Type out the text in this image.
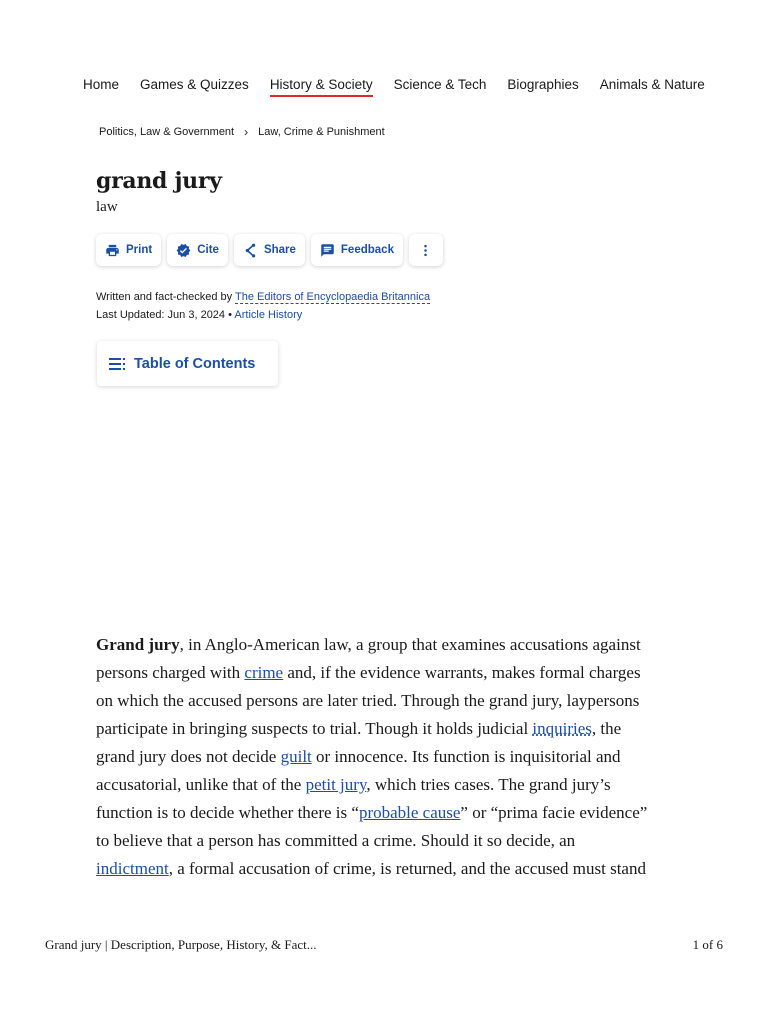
Home Games & Quizzes History & Society Science & Tech Biographies Animals & Nature
Politics, Law & Government › Law, Crime & Punishment
grand jury
law
Print	Cite	Share	Feedback
Written and fact-checked by The Editors of Encyclopaedia Britannica
Last Updated: Jun 3, 2024 • Article History
Table of Contents

Grand jury, in Anglo-American law, a group that examines accusations against persons charged with crime and, if the evidence warrants, makes formal charges on which the accused persons are later tried. Through the grand jury, laypersons participate in bringing suspects to trial. Though it holds judicial inquiries, the grand jury does not decide guilt or innocence. Its function is inquisitorial and accusatorial, unlike that of the petit jury, which tries cases. The grand jury’s function is to decide whether there is “probable cause” or “prima facie evidence” to believe that a person has committed a crime. Should it so decide, an indictment, a formal accusation of crime, is returned, and the accused must stand

Grand jury | Description, Purpose, History, & Fact...	1 of 6
